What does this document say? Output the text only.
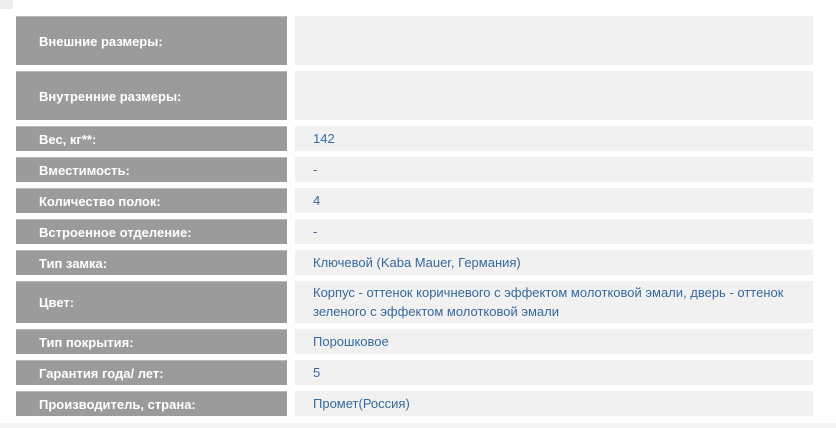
Внешние размеры:
Внутренние размеры:
Вес, кг**:	142
Вместимость:	-
Количество полок:	4
Встроенное отделение:	-
Тип замка:	Ключевой (Kaba Mauer, Германия)
Цвет:
Корпус - оттенок коричневого с эффектом молотковой эмали, дверь - оттенок зеленого с эффектом молотковой эмали
Тип покрытия:	Порошковое
Гарантия года/ лет:	5
Производитель, страна:	Промет(Россия)
